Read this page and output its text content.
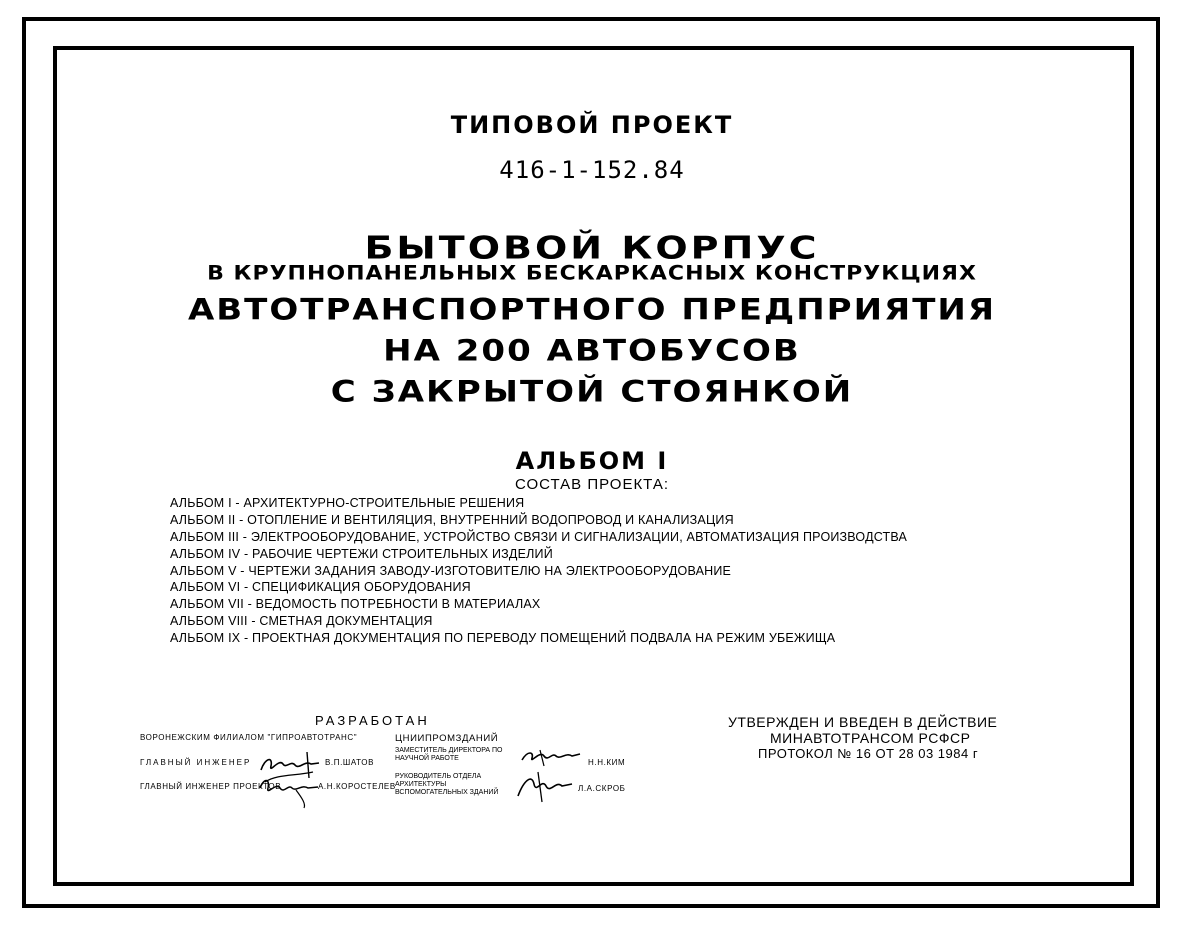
ТИПОВОЙ ПРОЕКТ
416-1-152.84
БЫТОВОЙ КОРПУС
В КРУПНОПАНЕЛЬНЫХ БЕСКАРКАСНЫХ КОНСТРУКЦИЯХ
АВТОТРАНСПОРТНОГО ПРЕДПРИЯТИЯ
НА 200 АВТОБУСОВ
С ЗАКРЫТОЙ СТОЯНКОЙ
АЛЬБОМ I
СОСТАВ ПРОЕКТА:
АЛЬБОМ I - АРХИТЕКТУРНО-СТРОИТЕЛЬНЫЕ РЕШЕНИЯ
АЛЬБОМ II - ОТОПЛЕНИЕ И ВЕНТИЛЯЦИЯ, ВНУТРЕННИЙ ВОДОПРОВОД И КАНАЛИЗАЦИЯ
АЛЬБОМ III - ЭЛЕКТРООБОРУДОВАНИЕ, УСТРОЙСТВО СВЯЗИ И СИГНАЛИЗАЦИИ, АВТОМАТИЗАЦИЯ ПРОИЗВОДСТВА
АЛЬБОМ IV - РАБОЧИЕ ЧЕРТЕЖИ СТРОИТЕЛЬНЫХ ИЗДЕЛИЙ
АЛЬБОМ V - ЧЕРТЕЖИ ЗАДАНИЯ ЗАВОДУ-ИЗГОТОВИТЕЛЮ НА ЭЛЕКТРООБОРУДОВАНИЕ
АЛЬБОМ VI - СПЕЦИФИКАЦИЯ ОБОРУДОВАНИЯ
АЛЬБОМ VII - ВЕДОМОСТЬ ПОТРЕБНОСТИ В МАТЕРИАЛАХ
АЛЬБОМ VIII - СМЕТНАЯ ДОКУМЕНТАЦИЯ
АЛЬБОМ IX - ПРОЕКТНАЯ ДОКУМЕНТАЦИЯ ПО ПЕРЕВОДУ ПОМЕЩЕНИЙ ПОДВАЛА НА РЕЖИМ УБЕЖИЩА
РАЗРАБОТАН
ВОРОНЕЖСКИМ ФИЛИАЛОМ "ГИПРОАВТОТРАНС"
ГЛАВНЫЙ ИНЖЕНЕР	В.П.ШАТОВ
ГЛАВНЫЙ ИНЖЕНЕР ПРОЕКТОВ	А.Н.КОРОСТЕЛЕВ
ЦНИИПРОМЗДАНИЙ
ЗАМЕСТИТЕЛЬ ДИРЕКТОРА ПО НАУЧНОЙ РАБОТЕ	Н.Н.КИМ
РУКОВОДИТЕЛЬ ОТДЕЛА АРХИТЕКТУРЫ ВСПОМОГАТЕЛЬНЫХ ЗДАНИЙ	Л.А.СКРОБ
УТВЕРЖДЕН И ВВЕДЕН В ДЕЙСТВИЕ
МИНАВТОТРАНСОМ РСФСР
ПРОТОКОЛ № 16 ОТ 28 03 1984 г
